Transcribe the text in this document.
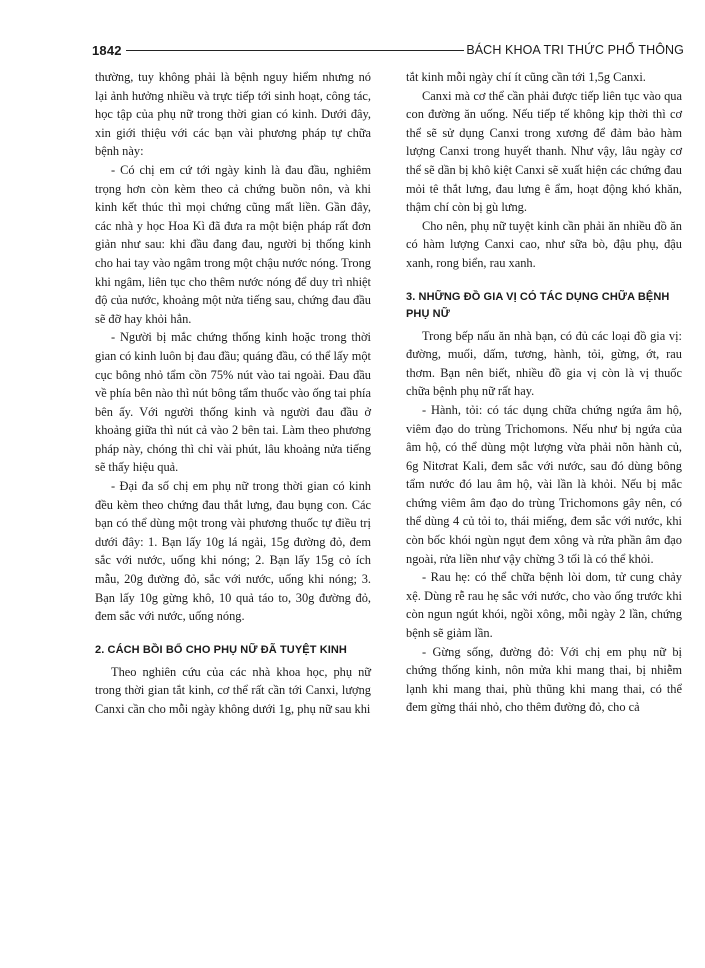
1842	BÁCH KHOA TRI THỨC PHỔ THÔNG

thường, tuy không phải là bệnh nguy hiểm nhưng nó lại ảnh hưởng nhiều và trực tiếp tới sinh hoạt, công tác, học tập của phụ nữ trong thời gian có kinh. Dưới đây, xin giới thiệu với các bạn vài phương pháp tự chữa bệnh này:

- Có chị em cứ tới ngày kinh là đau đầu, nghiêm trọng hơn còn kèm theo cả chứng buồn nôn, và khi kinh kết thúc thì mọi chứng cũng mất liền. Gần đây, các nhà y học Hoa Kì đã đưa ra một biện pháp rất đơn giản như sau: khi đầu đang đau, người bị thống kinh cho hai tay vào ngâm trong một chậu nước nóng. Trong khi ngâm, liên tục cho thêm nước nóng để duy trì nhiệt độ của nước, khoảng một nửa tiếng sau, chứng đau đầu sẽ đỡ hay khỏi hẳn.

- Người bị mắc chứng thống kinh hoặc trong thời gian có kinh luôn bị đau đầu; quáng đầu, có thể lấy một cục bông nhỏ tẩm cồn 75% nút vào tai ngoài. Đau đầu về phía bên nào thì nút bông tẩm thuốc vào ống tai phía bên ấy. Với người thống kinh và người đau đầu ở khoảng giữa thì nút cả vào 2 bên tai. Làm theo phương pháp này, chóng thì chỉ vài phút, lâu khoảng nửa tiếng sẽ thấy hiệu quả.

- Đại đa số chị em phụ nữ trong thời gian có kinh đều kèm theo chứng đau thắt lưng, đau bụng con. Các bạn có thể dùng một trong vài phương thuốc tự điều trị dưới đây: 1. Bạn lấy 10g lá ngải, 15g đường đỏ, đem sắc với nước, uống khi nóng; 2. Bạn lấy 15g cỏ ích mẫu, 20g đường đỏ, sắc với nước, uống khi nóng; 3. Bạn lấy 10g gừng khô, 10 quả táo to, 30g đường đỏ, đem sắc với nước, uống nóng.

2. CÁCH BỒI BỔ CHO PHỤ NỮ ĐÃ TUYỆT KINH

Theo nghiên cứu của các nhà khoa học, phụ nữ trong thời gian tắt kinh, cơ thể rất cần tới Canxi, lượng Canxi cần cho mỗi ngày không dưới 1g, phụ nữ sau khi

tắt kinh mỗi ngày chí ít cũng cần tới 1,5g Canxi.

Canxi mà cơ thể cần phải được tiếp liên tục vào qua con đường ăn uống. Nếu tiếp tế không kịp thời thì cơ thể sẽ sử dụng Canxi trong xương để đảm bảo hàm lượng Canxi trong huyết thanh. Như vậy, lâu ngày cơ thể sẽ dần bị khô kiệt Canxi sẽ xuất hiện các chứng đau mỏi tê thắt lưng, đau lưng ê ẩm, hoạt động khó khăn, thậm chí còn bị gù lưng.

Cho nên, phụ nữ tuyệt kinh cần phải ăn nhiều đồ ăn có hàm lượng Canxi cao, như sữa bò, đậu phụ, đậu xanh, rong biển, rau xanh.

3. NHỮNG ĐỒ GIA VỊ CÓ TÁC DỤNG CHỮA BỆNH PHỤ NỮ

Trong bếp nấu ăn nhà bạn, có đủ các loại đồ gia vị: đường, muối, dấm, tương, hành, tỏi, gừng, ớt, rau thơm. Bạn nên biết, nhiều đồ gia vị còn là vị thuốc chữa bệnh phụ nữ rất hay.

- Hành, tỏi: có tác dụng chữa chứng ngứa âm hộ, viêm đạo do trùng Trichomons. Nếu như bị ngứa của âm hộ, có thể dùng một lượng vừa phải nõn hành củ, 6g Nitơrat Kali, đem sắc với nước, sau đó dùng bông tẩm nước đó lau âm hộ, vài lần là khỏi. Nếu bị mắc chứng viêm âm đạo do trùng Trichomons gây nên, có thể dùng 4 củ tỏi to, thái miếng, đem sắc với nước, khi còn bốc khói ngùn ngụt đem xông và rửa phần âm đạo ngoài, rửa liền như vậy chừng 3 tối là có thể khỏi.

- Rau hẹ: có thể chữa bệnh lòi dom, tử cung chảy xệ. Dùng rễ rau hẹ sắc với nước, cho vào ống trước khi còn ngun ngút khói, ngồi xông, mỗi ngày 2 lần, chứng bệnh sẽ giảm lần.

- Gừng sống, đường đỏ: Với chị em phụ nữ bị chứng thống kinh, nôn mửa khi mang thai, bị nhiễm lạnh khi mang thai, phù thũng khi mang thai, có thể đem gừng thái nhỏ, cho thêm đường đỏ, cho cả
